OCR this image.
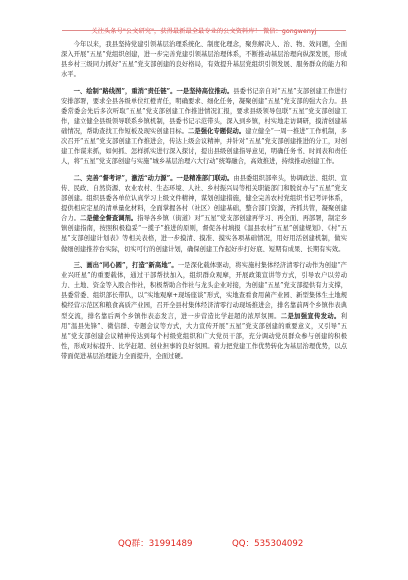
关注头条号"公文研究"，获得最新最全最专业的公文资料库！ 微信：gongwenyj

今年以来，我县坚持党建引领基层治理系统化、制度化理念，聚焦解决人、治、物、效问题，全面深入开展“五星”党组织创建，进一步完善党建引领基层治理体系，不断推动基层治理向纵深发展，形成县乡村三级同力抓好“五星”党支部创建的良好格局，有效提升基层党组织引领发展、服务群众的能力和水平。

一、绘制“路线图”，重消“责任链”。一是坚持高位推动。县委书记亲自对“五星”支部创建工作进行安排部署，要求全县各级单位红橙青任，明确要求、细化任务，凝聚创建“五星”党支部的强大合力。县委常委会先后多次听取“五星”党支部创建工作推进情况汇报，要求县级领导包联“五星”党支部创建工作，建立健全县级领导联系乡镇机制，县委书记示范带头，深入到乡镇，村实地走访调研，摸清创建基础情况，帮助查找工作短板及现实创建目标。二是强化专题促动。建立健全“一周一推进”工作机制，多次召开“五星”党支部创建工作推进会，传达上级会议精神，并针对“五星”党支部创建推进的分工，对创建工作谋来抓，如何抓、怎样抓实进行深入探讨，提出县级创建指导意见，明确任务书、时间表和责任人，将“五星”党支部创建与实施“城乡基层治理六大行动”统筹融合，高效推进，持续推动创建工作。

二、完善“督考评”，激活“动力源”。一是精准部门联动。由县委组织部牵头，协调政法、组织、宣传、民政、自然资源、农业农村、生态环境、人社、乡村振兴局等相关职能部门和脱贫办与“五星”党支部创建。组织县委各单位认真学习上级文件精神，谋划创建措施，健全完善农村党组织书记考评体系，提供相应定星的清单量化材料，全面掌握各村（社区）创建基础，整合部门资源，齐抓共管，凝聚创建合力。二是健全督查调剂。指导各乡镇（街道）对“五星”党支部创建再学习、再全面、再部署，制定乡镇创建指南，按照积极稳妥“一揽子”推进的原则，督促各村填报《温县农村“五星”创建规划》、《村“五星”支部创建计划表》等相关表格，进一步摸清、摸准、摸实各项基础情况，用好用活创建机制，做实做细创建推荐台实际，切实可行的创建计划，确保创建工作起好步打好底、短期有成果、长期有实效。

三、画出“同心圆”，打造“新高地”。一是深化载体驱动，将实施村集体经济清零行动作为创建“产业兴旺星”的重要载体，通过干部帮扶加入，组织群众观摩，开展政策宣讲等方式，引导农户以劳动力、土地、资金等入股合作社，积极帮助合作社与龙头企业对接，为创建“五星”党支部提供有力支撑，县委常委、组织部长带队，以“实地观摩+现场座谈”形式，实地查看食用菌产业园、新型集体生土地规模经营示范区和粮食高质产业园，召开全县村集体经济清零行动现场推进会，排名靠前两个乡镇作表典型交流，排名靠后两个乡镇作表态发言，进一步营造比学赶超的浓厚氛围。二是加强宣传发动。利用“温县先锋”、微信群、专题会议等方式，大力宣传开展“五星”党支部创建的重要意义，又引导“五星”党支部创建会议精神传达到每个村级党组织和广大党员干部，充分调动党员群众参与创建的积极性，形成对标提升、比学赶超、创业担事的良好氛围。着力把党建工作优势转化为基层治理优势，以点带面促进基层治理能力全面提升，全面过硬。

QQ群：31991489	QQ：535304092
